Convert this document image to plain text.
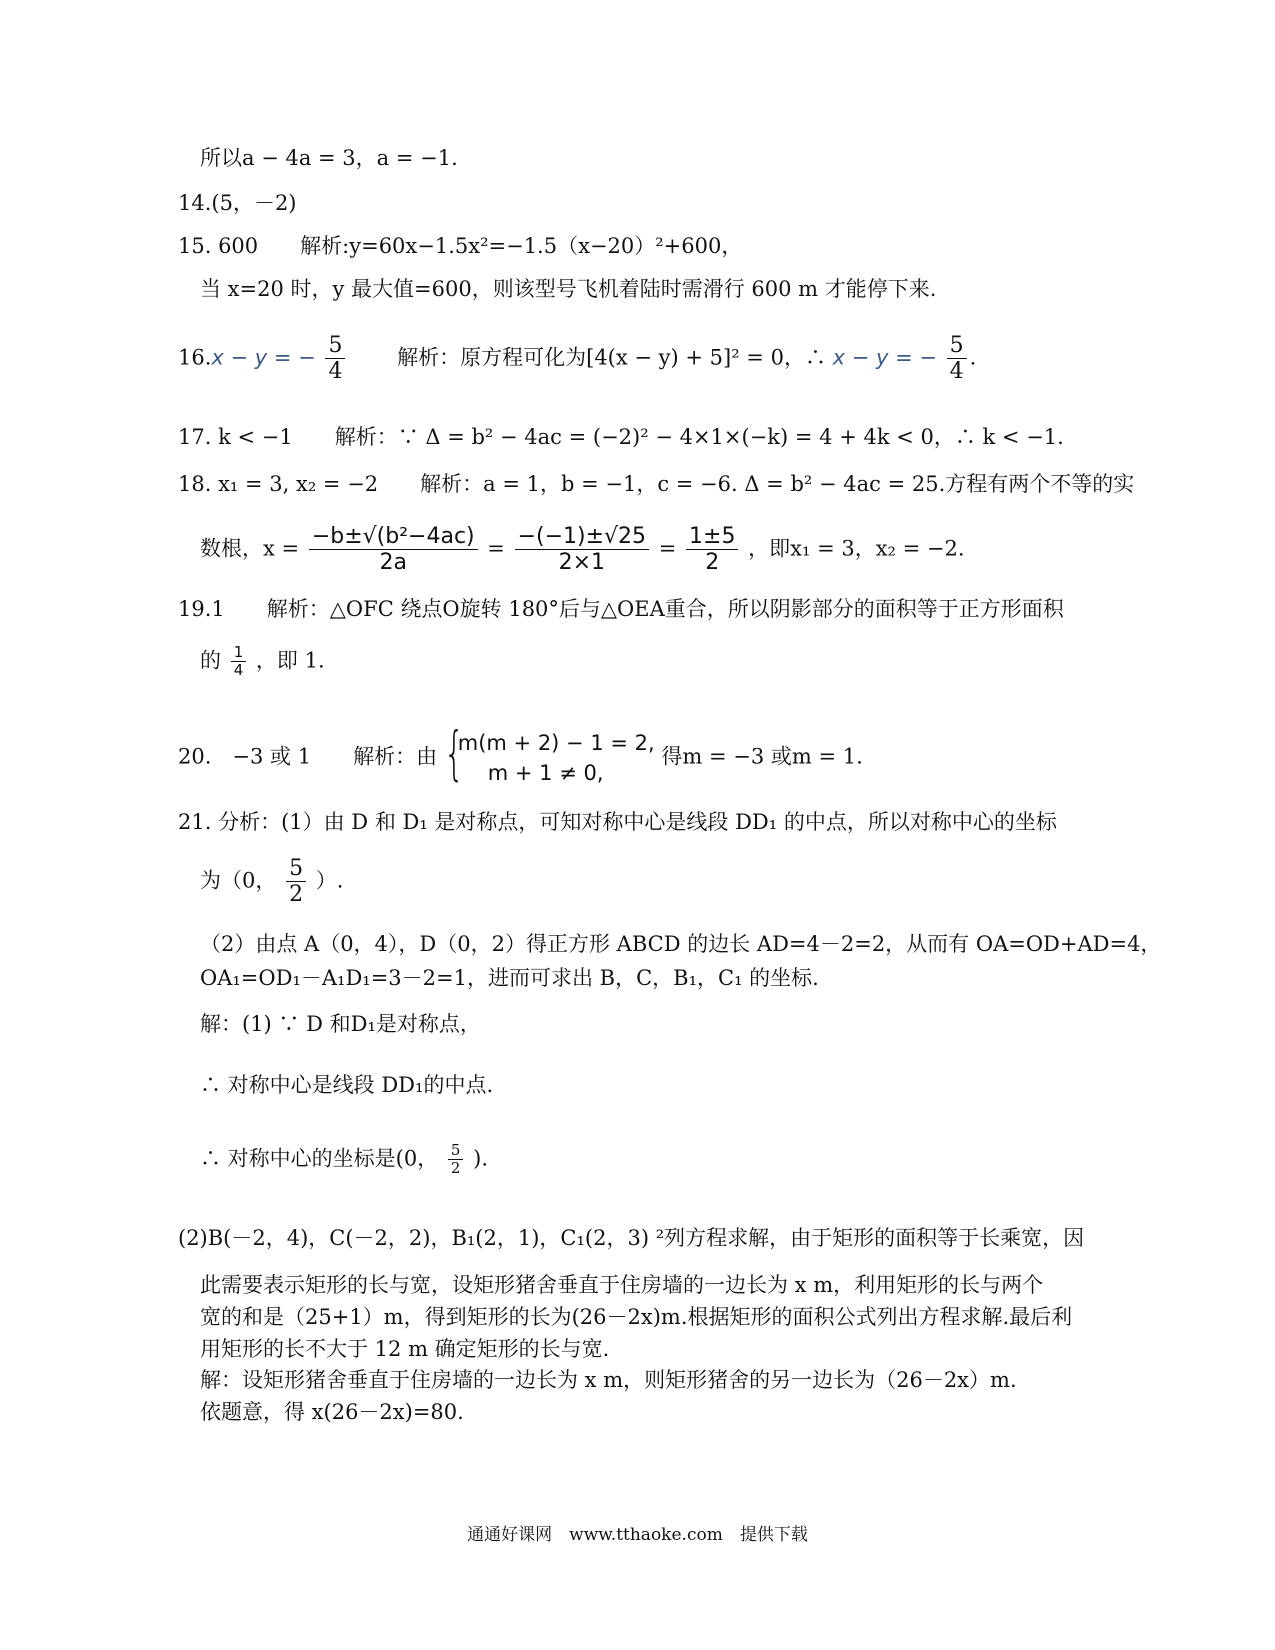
所以a − 4a = 3，a = −1.
14.(5，－2)
15. 600　　解析:y=60x−1.5x²=−1.5（x−20）²+600，
当 x=20 时，y 最大值=600，则该型号飞机着陆时需滑行 600 m 才能停下来.
16.x − y = − $\frac{5}{4}$ 　　解析：原方程可化为[4(x − y) + 5]² = 0，∴ x − y = − $\frac{5}{4}$ .
17. k < −1　　解析：∵ Δ = b² − 4ac = (−2)² − 4×1×(−k) = 4 + 4k < 0，∴ k < −1.
18. x₁ = 3, x₂ = −2　　解析：a = 1，b = −1，c = −6. Δ = b² − 4ac = 25.方程有两个不等的实
数根，$x = \frac{\text{−b±√(b²−4ac)}}{2a} = \frac{-(-1)\pm√25}{2\times 1} = \frac{1\pm 5}{2}$ ，即x₁ = 3，x₂ = −2.
19.1　　解析：△OFC 绕点O旋转 180°后与△OEA重合，所以阴影部分的面积等于正方形面积
的 $\frac{1}{4}$ ，即 1.
20.　−3 或 1　　解析：由 {
m(m + 2) − 1 = 2,
m + 1 ≠ 0,
得m = −3 或m = 1.
21. 分析：(1）由 D 和 D₁ 是对称点，可知对称中心是线段 DD₁ 的中点，所以对称中心的坐标
为（0， $\frac{5}{2}$ ）.
（2）由点 A（0，4），D（0，2）得正方形 ABCD 的边长 AD=4－2=2，从而有 OA=OD+AD=4，
OA₁=OD₁－A₁D₁=3－2=1，进而可求出 B，C，B₁，C₁ 的坐标.
解：(1) ∵ D 和D₁是对称点，
∴ 对称中心是线段 DD₁的中点.
∴ 对称中心的坐标是(0， $\frac{5}{2}$ ).
(2)B(－2，4)，C(－2，2)，B₁(2，1)，C₁(2，3) ²列方程求解，由于矩形的面积等于长乘宽，因
此需要表示矩形的长与宽，设矩形猪舍垂直于住房墙的一边长为 x m，利用矩形的长与两个
宽的和是（25+1）m，得到矩形的长为(26－2x)m.根据矩形的面积公式列出方程求解.最后利
用矩形的长不大于 12 m 确定矩形的长与宽.
解：设矩形猪舍垂直于住房墙的一边长为 x m，则矩形猪舍的另一边长为（26－2x）m.
依题意，得 x(26－2x)=80.
通通好课网　www.tthaoke.com　提供下载
